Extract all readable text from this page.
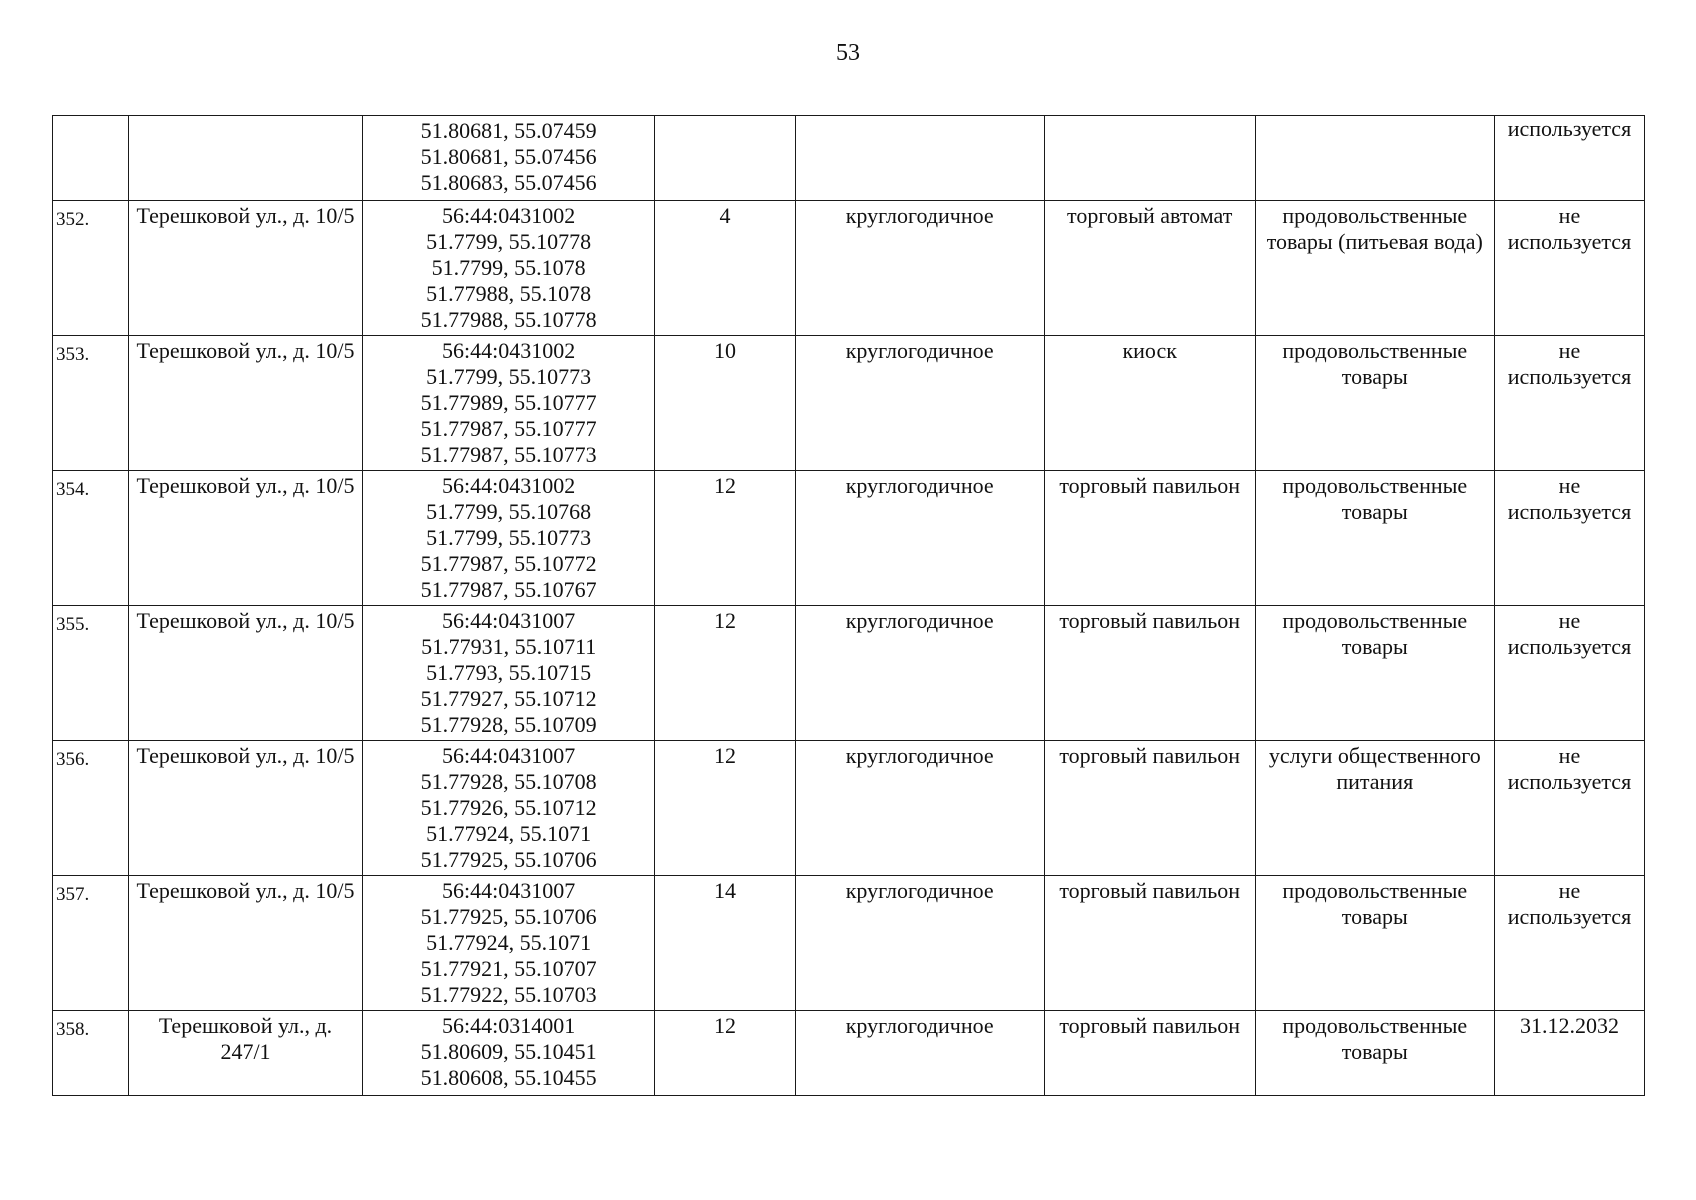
53

		51.80681, 55.07459
51.80681, 55.07456
51.80683, 55.07456					используется
352.	Терешковой ул., д. 10/5	56:44:0431002
51.7799, 55.10778
51.7799, 55.1078
51.77988, 55.1078
51.77988, 55.10778	4	круглогодичное	торговый автомат	продовольственные товары (питьевая вода)	не используется
353.	Терешковой ул., д. 10/5	56:44:0431002
51.7799, 55.10773
51.77989, 55.10777
51.77987, 55.10777
51.77987, 55.10773	10	круглогодичное	киоск	продовольственные товары	не используется
354.	Терешковой ул., д. 10/5	56:44:0431002
51.7799, 55.10768
51.7799, 55.10773
51.77987, 55.10772
51.77987, 55.10767	12	круглогодичное	торговый павильон	продовольственные товары	не используется
355.	Терешковой ул., д. 10/5	56:44:0431007
51.77931, 55.10711
51.7793, 55.10715
51.77927, 55.10712
51.77928, 55.10709	12	круглогодичное	торговый павильон	продовольственные товары	не используется
356.	Терешковой ул., д. 10/5	56:44:0431007
51.77928, 55.10708
51.77926, 55.10712
51.77924, 55.1071
51.77925, 55.10706	12	круглогодичное	торговый павильон	услуги общественного питания	не используется
357.	Терешковой ул., д. 10/5	56:44:0431007
51.77925, 55.10706
51.77924, 55.1071
51.77921, 55.10707
51.77922, 55.10703	14	круглогодичное	торговый павильон	продовольственные товары	не используется
358.	Терешковой ул., д. 247/1	56:44:0314001
51.80609, 55.10451
51.80608, 55.10455	12	круглогодичное	торговый павильон	продовольственные товары	31.12.2032
